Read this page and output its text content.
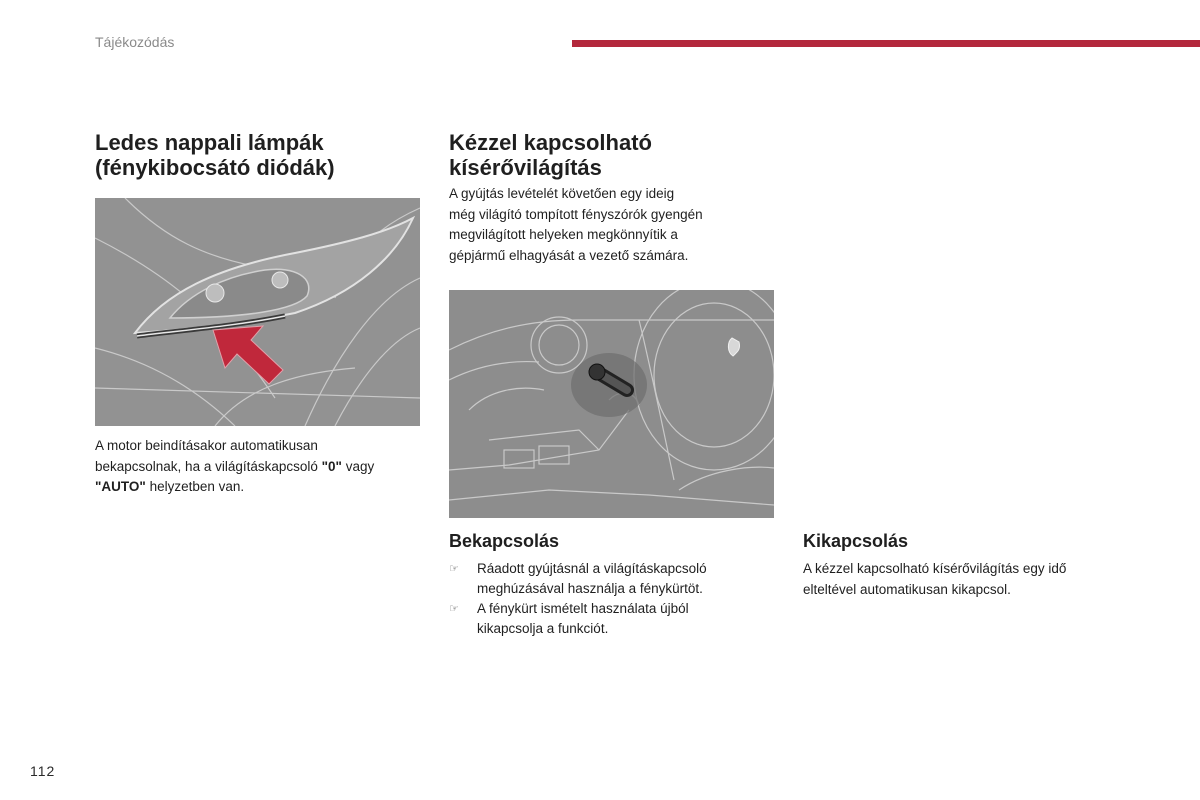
Tájékozódás
Ledes nappali lámpák
(fénykibocsátó diódák)

A motor beindításakor automatikusan
bekapcsolnak, ha a világításkapcsoló "0" vagy
"AUTO" helyzetben van.

Kézzel kapcsolható
kísérővilágítás

A gyújtás levételét követően egy ideig
még világító tompított fényszórók gyengén
megvilágított helyeken megkönnyítik a
gépjármű elhagyását a vezető számára.

Bekapcsolás
☞ Ráadott gyújtásnál a világításkapcsoló
meghúzásával használja a fénykürtöt.
☞ A fénykürt ismételt használata újból
kikapcsolja a funkciót.
Kikapcsolás

A kézzel kapcsolható kísérővilágítás egy idő
elteltével automatikusan kikapcsol.

112
